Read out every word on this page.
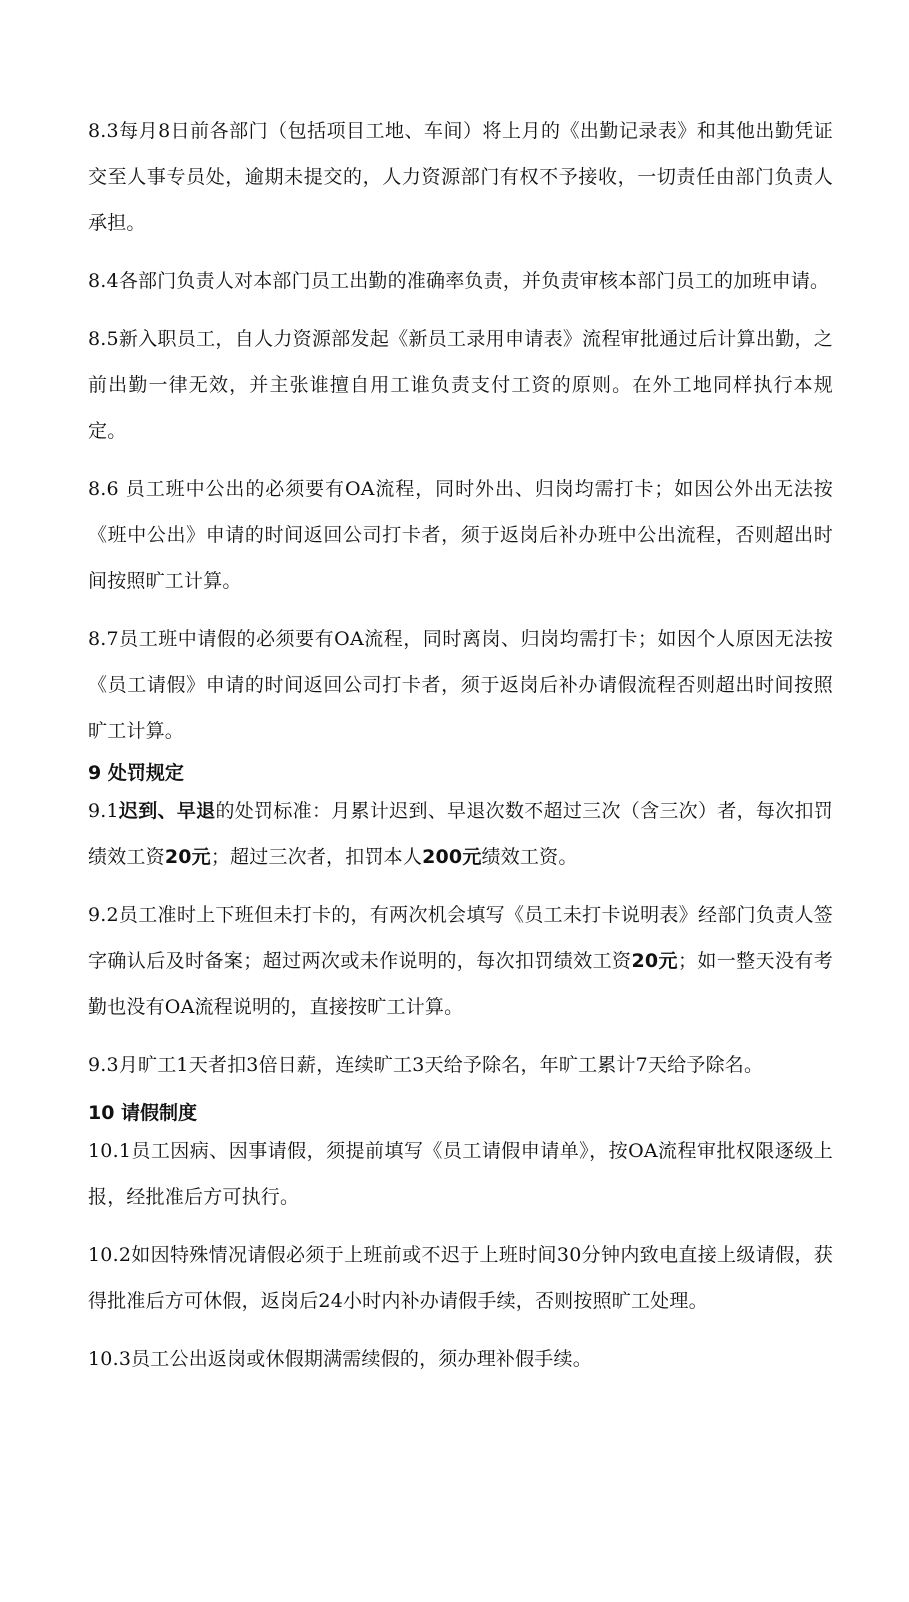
8.3每月8日前各部门（包括项目工地、车间）将上月的《出勤记录表》和其他出勤凭证交至人事专员处，逾期未提交的，人力资源部门有权不予接收，一切责任由部门负责人承担。

8.4各部门负责人对本部门员工出勤的准确率负责，并负责审核本部门员工的加班申请。

8.5新入职员工，自人力资源部发起《新员工录用申请表》流程审批通过后计算出勤，之前出勤一律无效，并主张谁擅自用工谁负责支付工资的原则。在外工地同样执行本规定。

8.6 员工班中公出的必须要有OA流程，同时外出、归岗均需打卡；如因公外出无法按《班中公出》申请的时间返回公司打卡者，须于返岗后补办班中公出流程，否则超出时间按照旷工计算。

8.7员工班中请假的必须要有OA流程，同时离岗、归岗均需打卡；如因个人原因无法按《员工请假》申请的时间返回公司打卡者，须于返岗后补办请假流程否则超出时间按照旷工计算。

9 处罚规定

9.1迟到、早退的处罚标准：月累计迟到、早退次数不超过三次（含三次）者，每次扣罚绩效工资20元；超过三次者，扣罚本人200元绩效工资。

9.2员工准时上下班但未打卡的，有两次机会填写《员工未打卡说明表》经部门负责人签字确认后及时备案；超过两次或未作说明的，每次扣罚绩效工资20元；如一整天没有考勤也没有OA流程说明的，直接按旷工计算。

9.3月旷工1天者扣3倍日薪，连续旷工3天给予除名，年旷工累计7天给予除名。

10 请假制度

10.1员工因病、因事请假，须提前填写《员工请假申请单》，按OA流程审批权限逐级上报，经批准后方可执行。

10.2如因特殊情况请假必须于上班前或不迟于上班时间30分钟内致电直接上级请假，获得批准后方可休假，返岗后24小时内补办请假手续，否则按照旷工处理。

10.3员工公出返岗或休假期满需续假的，须办理补假手续。
